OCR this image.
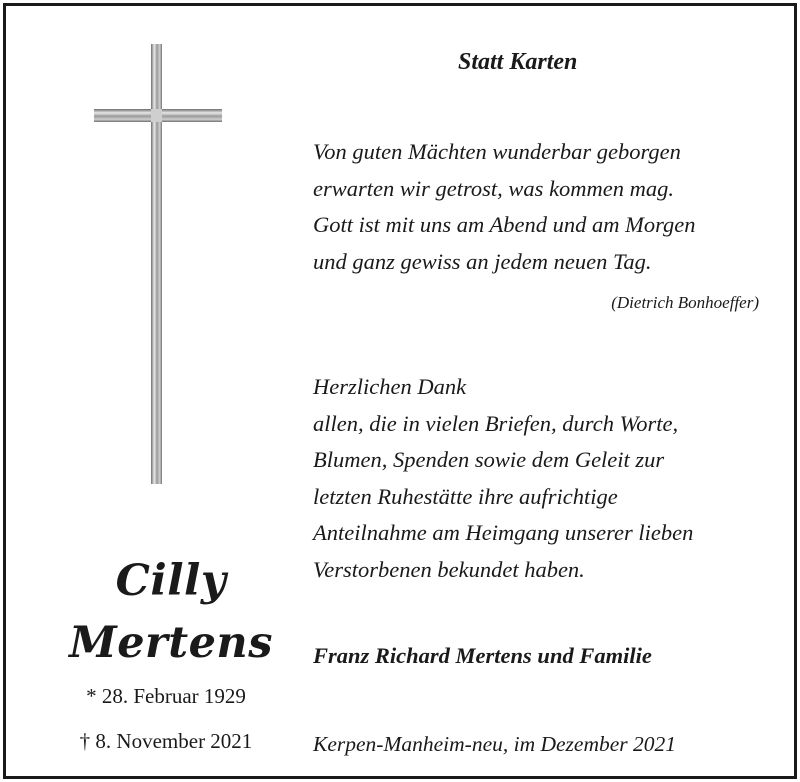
Statt Karten
Von guten Mächten wunderbar geborgen
erwarten wir getrost, was kommen mag.
Gott ist mit uns am Abend und am Morgen
und ganz gewiss an jedem neuen Tag.
(Dietrich Bonhoeffer)
Herzlichen Dank
allen, die in vielen Briefen, durch Worte,
Blumen, Spenden sowie dem Geleit zur
letzten Ruhestätte ihre aufrichtige
Anteilnahme am Heimgang unserer lieben
Verstorbenen bekundet haben.
Cilly
Mertens
* 28. Februar 1929
† 8. November 2021
Franz Richard Mertens und Familie
Kerpen-Manheim-neu, im Dezember 2021
